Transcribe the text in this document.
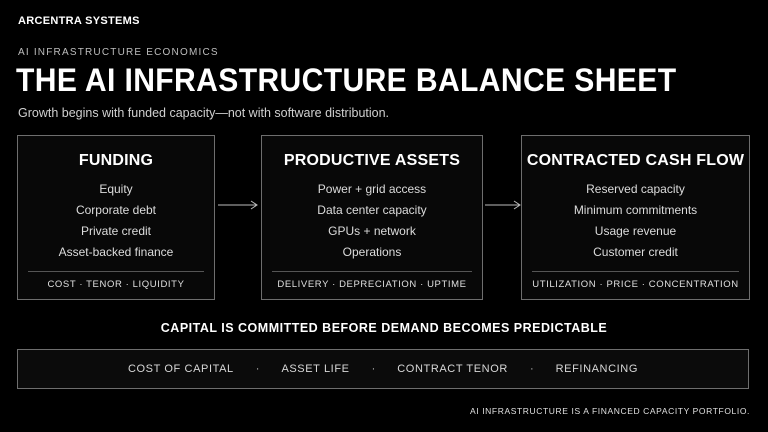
ARCENTRA SYSTEMS
AI INFRASTRUCTURE ECONOMICS
THE AI INFRASTRUCTURE BALANCE SHEET
Growth begins with funded capacity—not with software distribution.
FUNDING
Equity
Corporate debt
Private credit
Asset-backed finance
COST · TENOR · LIQUIDITY
PRODUCTIVE ASSETS
Power + grid access
Data center capacity
GPUs + network
Operations
DELIVERY · DEPRECIATION · UPTIME
CONTRACTED CASH FLOW
Reserved capacity
Minimum commitments
Usage revenue
Customer credit
UTILIZATION · PRICE · CONCENTRATION
CAPITAL IS COMMITTED BEFORE DEMAND BECOMES PREDICTABLE
COST OF CAPITAL · ASSET LIFE · CONTRACT TENOR · REFINANCING
AI INFRASTRUCTURE IS A FINANCED CAPACITY PORTFOLIO.
